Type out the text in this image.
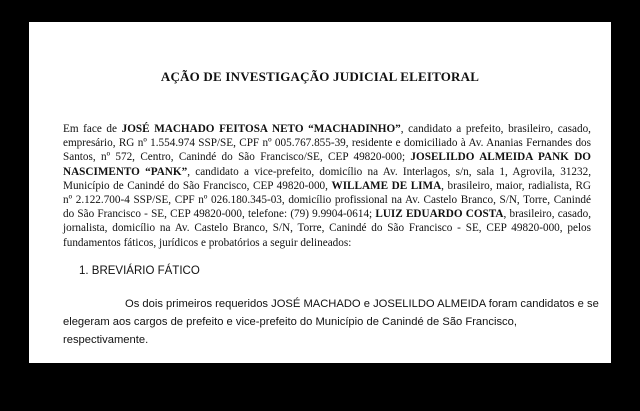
AÇÃO DE INVESTIGAÇÃO JUDICIAL ELEITORAL
Em face de JOSÉ MACHADO FEITOSA NETO “MACHADINHO”, candidato a prefeito, brasileiro, casado, empresário, RG nº 1.554.974 SSP/SE, CPF nº 005.767.855-39, residente e domiciliado à Av. Ananias Fernandes dos Santos, nº 572, Centro, Canindé do São Francisco/SE, CEP 49820-000; JOSELILDO ALMEIDA PANK DO NASCIMENTO “PANK”, candidato a vice-prefeito, domicílio na Av. Interlagos, s/n, sala 1, Agrovila, 31232, Município de Canindé do São Francisco, CEP 49820-000, WILLAME DE LIMA, brasileiro, maior, radialista, RG nº 2.122.700-4 SSP/SE, CPF nº 026.180.345-03, domicílio profissional na Av. Castelo Branco, S/N, Torre, Canindé do São Francisco - SE, CEP 49820-000, telefone: (79) 9.9904-0614; LUIZ EDUARDO COSTA, brasileiro, casado, jornalista, domicílio na Av. Castelo Branco, S/N, Torre, Canindé do São Francisco - SE, CEP 49820-000, pelos fundamentos fáticos, jurídicos e probatórios a seguir delineados:
1. BREVIÁRIO FÁTICO
Os dois primeiros requeridos JOSÉ MACHADO e JOSELILDO ALMEIDA foram candidatos e se elegeram aos cargos de prefeito e vice-prefeito do Município de Canindé de São Francisco, respectivamente.
